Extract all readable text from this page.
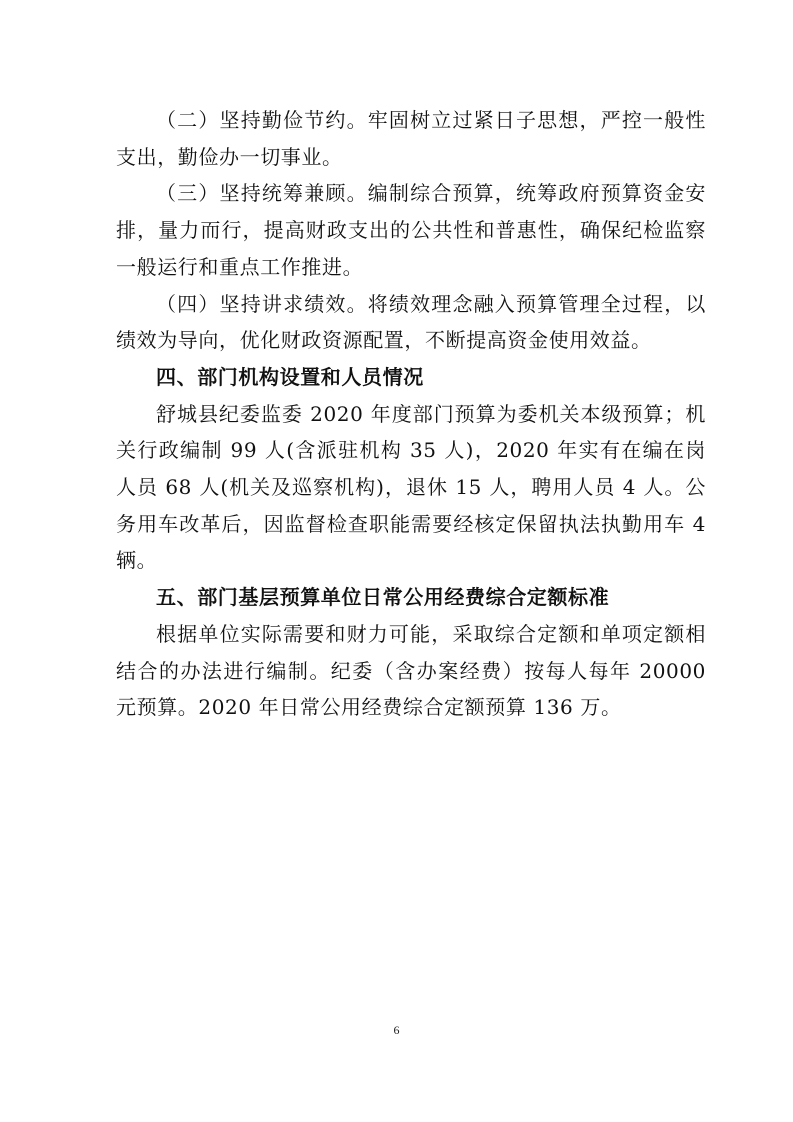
（二）坚持勤俭节约。牢固树立过紧日子思想，严控一般性支出，勤俭办一切事业。

（三）坚持统筹兼顾。编制综合预算，统筹政府预算资金安排，量力而行，提高财政支出的公共性和普惠性，确保纪检监察一般运行和重点工作推进。

（四）坚持讲求绩效。将绩效理念融入预算管理全过程，以绩效为导向，优化财政资源配置，不断提高资金使用效益。

四、部门机构设置和人员情况

舒城县纪委监委 2020 年度部门预算为委机关本级预算；机关行政编制 99 人(含派驻机构 35 人)，2020 年实有在编在岗人员 68 人(机关及巡察机构)，退休 15 人，聘用人员 4 人。公务用车改革后，因监督检查职能需要经核定保留执法执勤用车 4 辆。

五、部门基层预算单位日常公用经费综合定额标准

根据单位实际需要和财力可能，采取综合定额和单项定额相结合的办法进行编制。纪委（含办案经费）按每人每年 20000 元预算。2020 年日常公用经费综合定额预算 136 万。

6
